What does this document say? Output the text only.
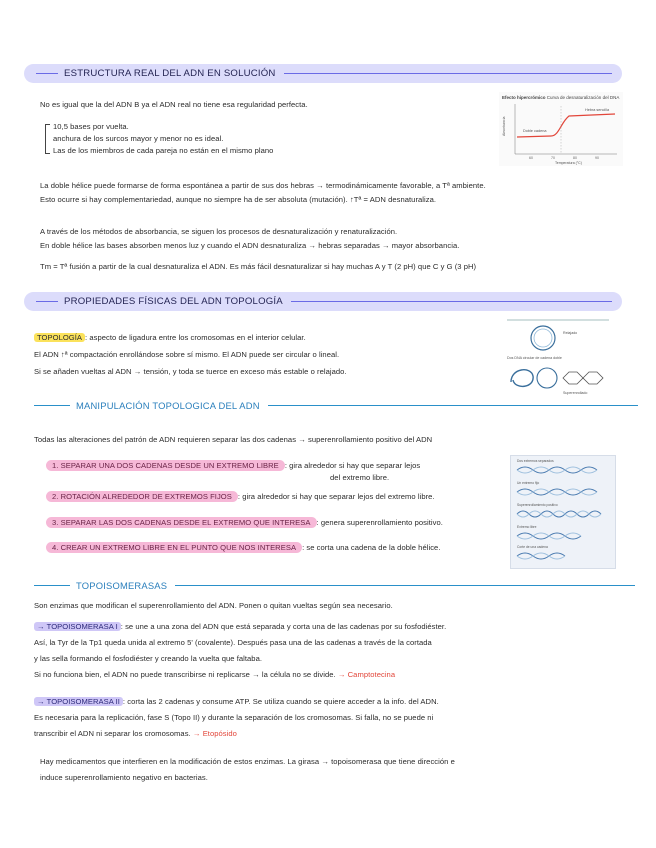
ESTRUCTURA REAL DEL ADN EN SOLUCIÓN
No es igual que la del ADN B ya el ADN real no tiene esa regularidad perfecta.
10,5 bases por vuelta.
anchura de los surcos mayor y menor no es ideal.
Las de los miembros de cada pareja no están en el mismo plano
Efecto hipercrómico Curva de desnaturalización del DNA
Doble cadena
Hebra sencilla
60	70	80	90
Temperatura (°C)
Absorbancia
La doble hélice puede formarse de forma espontánea a partir de sus dos hebras → termodinámicamente favorable, a Tª ambiente.
Esto ocurre si hay complementariedad, aunque no siempre ha de ser absoluta (mutación). ↑Tª = ADN desnaturaliza.
A través de los métodos de absorbancia, se siguen los procesos de desnaturalización y renaturalización.
En doble hélice las bases absorben menos luz y cuando el ADN desnaturaliza → hebras separadas → mayor absorbancia.
Tm = Tª fusión a partir de la cual desnaturaliza el ADN. Es más fácil desnaturalizar si hay muchas A y T (2 pH) que C y G (3 pH)
PROPIEDADES FÍSICAS DEL ADN TOPOLOGÍA
TOPOLOGÍA : aspecto de ligadura entre los cromosomas en el interior celular.
El ADN ↑ª compactación enrollándose sobre sí mismo. El ADN puede ser circular o lineal.
Si se añaden vueltas al ADN → tensión, y toda se tuerce en exceso más estable o relajado.
Dos DNA circular de cadena doble
Relajado
Superenrollado
MANIPULACIÓN TOPOLOGICA DEL ADN
Todas las alteraciones del patrón de ADN requieren separar las dos cadenas → superenrollamiento positivo del ADN
1. SEPARAR UNA DOS CADENAS DESDE UN EXTREMO LIBRE : gira alrededor si hay que separar lejos
del extremo libre.
2. ROTACIÓN ALREDEDOR DE EXTREMOS FIJOS : gira alrededor si hay que separar lejos del extremo libre.
3. SEPARAR LAS DOS CADENAS DESDE EL EXTREMO QUE INTERESA : genera superenrollamiento positivo.
4. CREAR UN EXTREMO LIBRE EN EL PUNTO QUE NOS INTERESA : se corta una cadena de la doble hélice.
Dos extremos separados
Un extremo fijo
Superenrollamiento positivo
Extremo libre
Corte de una cadena
TOPOISOMERASAS
Son enzimas que modifican el superenrollamiento del ADN. Ponen o quitan vueltas según sea necesario.
→ TOPOISOMERASA I : se une a una zona del ADN que está separada y corta una de las cadenas por su fosfodiéster.
Así, la Tyr de la Tp1 queda unida al extremo 5' (covalente). Después pasa una de las cadenas a través de la cortada
y las sella formando el fosfodiéster y creando la vuelta que faltaba.
Si no funciona bien, el ADN no puede transcribirse ni replicarse → la célula no se divide. → Camptotecina
→ TOPOISOMERASA II : corta las 2 cadenas y consume ATP. Se utiliza cuando se quiere acceder a la info. del ADN.
Es necesaria para la replicación, fase S (Topo II) y durante la separación de los cromosomas. Si falla, no se puede ni
transcribir el ADN ni separar los cromosomas. → Etopósido
Hay medicamentos que interfieren en la modificación de estos enzimas. La girasa → topoisomerasa que tiene dirección e
induce superenrollamiento negativo en bacterias.
